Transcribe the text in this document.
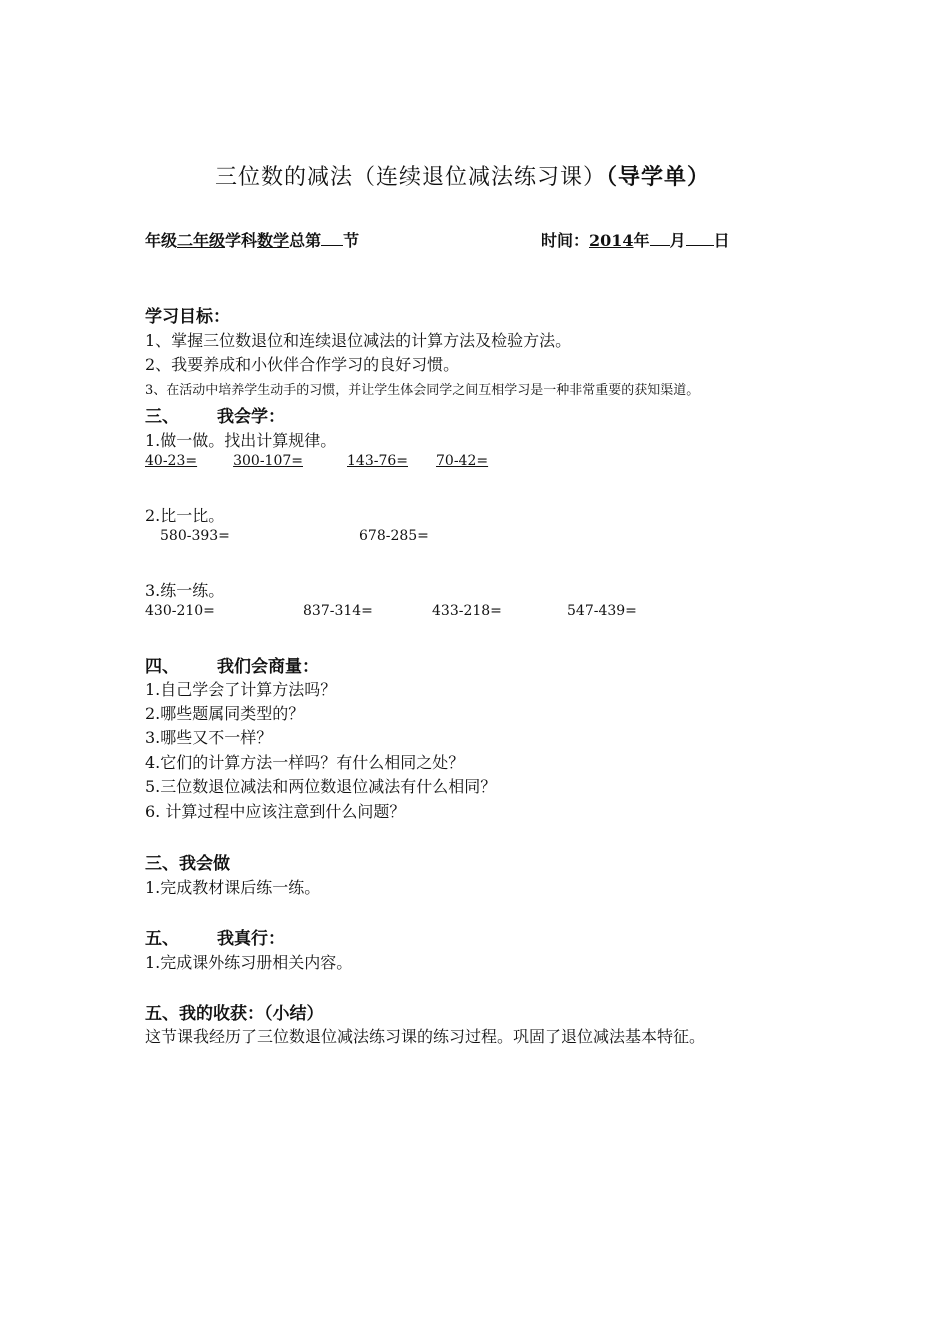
三位数的减法（连续退位减法练习课）（导学单）
年级二年级学科数学总第 节	时间：2014年 月 日
学习目标：
1、掌握三位数退位和连续退位减法的计算方法及检验方法。
2、我要养成和小伙伴合作学习的良好习惯。
3、在活动中培养学生动手的习惯，并让学生体会同学之间互相学习是一种非常重要的获知渠道。
三、 我会学：
1.做一做。找出计算规律。
40-23=	300-107=	143-76= 70-42=
2.比一比。
580-393=	678-285=
3.练一练。
430-210=	837-314=	433-218=	547-439=
四、 我们会商量：
1.自己学会了计算方法吗？
2.哪些题属同类型的？
3.哪些又不一样？
4.它们的计算方法一样吗？有什么相同之处？
5.三位数退位减法和两位数退位减法有什么相同？
6. 计算过程中应该注意到什么问题？
三、我会做
1.完成教材课后练一练。
五、 我真行：
1.完成课外练习册相关内容。
五、我的收获：（小结）
这节课我经历了三位数退位减法练习课的练习过程。巩固了退位减法基本特征。
